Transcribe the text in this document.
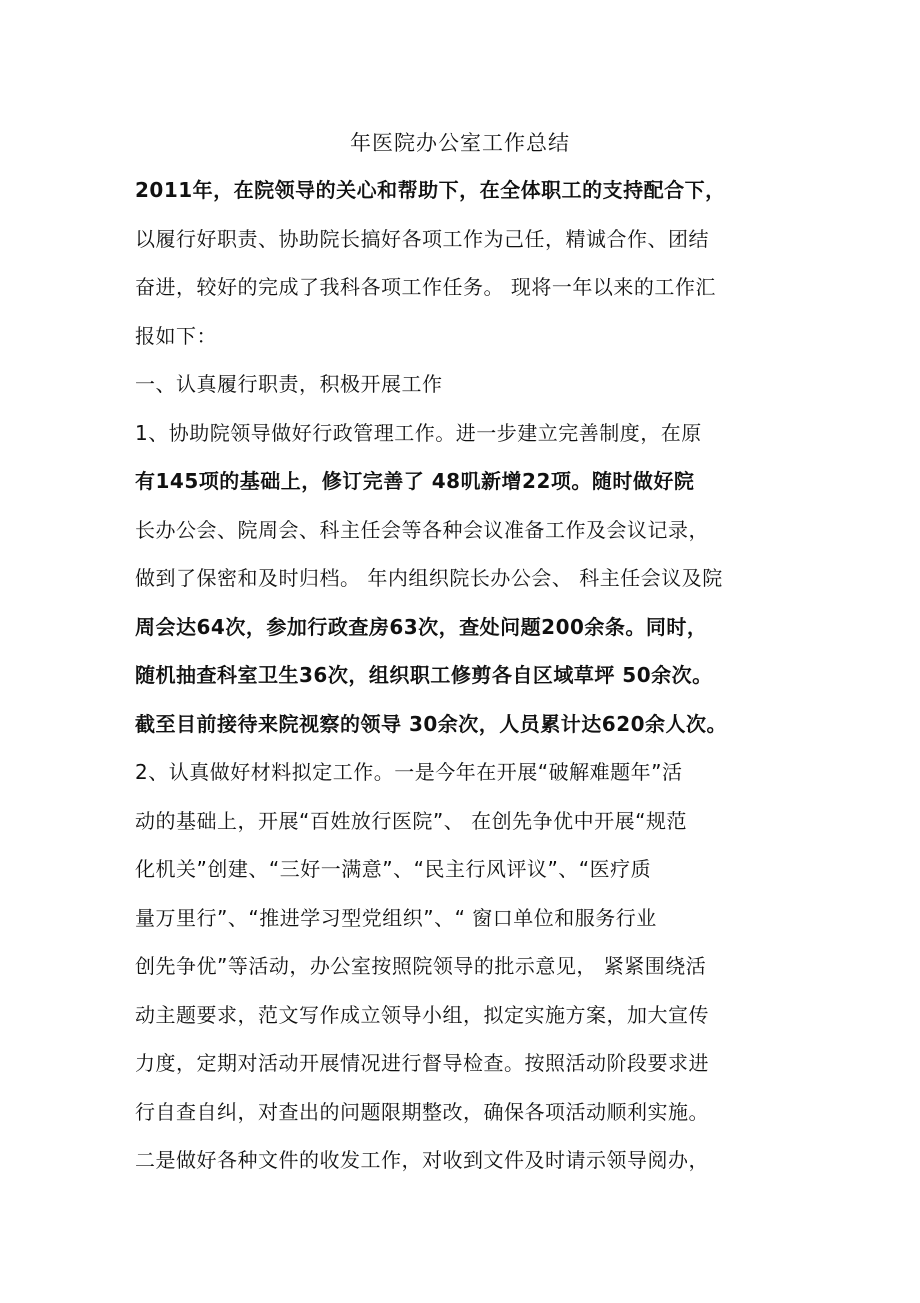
年医院办公室工作总结
2011年，在院领导的关心和帮助下，在全体职工的支持配合下，
以履行好职责、协助院长搞好各项工作为己任，精诚合作、团结
奋进，较好的完成了我科各项工作任务。 现将一年以来的工作汇
报如下：
一、认真履行职责，积极开展工作
1、协助院领导做好行政管理工作。进一步建立完善制度，在原
有145项的基础上，修订完善了 48叽新增22项。随时做好院
长办公会、院周会、科主任会等各种会议准备工作及会议记录，
做到了保密和及时归档。 年内组织院长办公会、 科主任会议及院
周会达64次，参加行政查房63次，查处问题200余条。同时，
随机抽查科室卫生36次，组织职工修剪各自区域草坪 50余次。
截至目前接待来院视察的领导 30余次，人员累计达620余人次。
2、认真做好材料拟定工作。一是今年在开展“破解难题年”活
动的基础上，开展“百姓放行医院”、 在创先争优中开展“规范
化机关”创建、“三好一满意”、“民主行风评议”、“医疗质
量万里行”、“推进学习型党组织”、“ 窗口单位和服务行业
创先争优”等活动，办公室按照院领导的批示意见， 紧紧围绕活
动主题要求，范文写作成立领导小组，拟定实施方案，加大宣传
力度，定期对活动开展情况进行督导检查。按照活动阶段要求进
行自查自纠，对查出的问题限期整改，确保各项活动顺利实施。
二是做好各种文件的收发工作，对收到文件及时请示领导阅办，
